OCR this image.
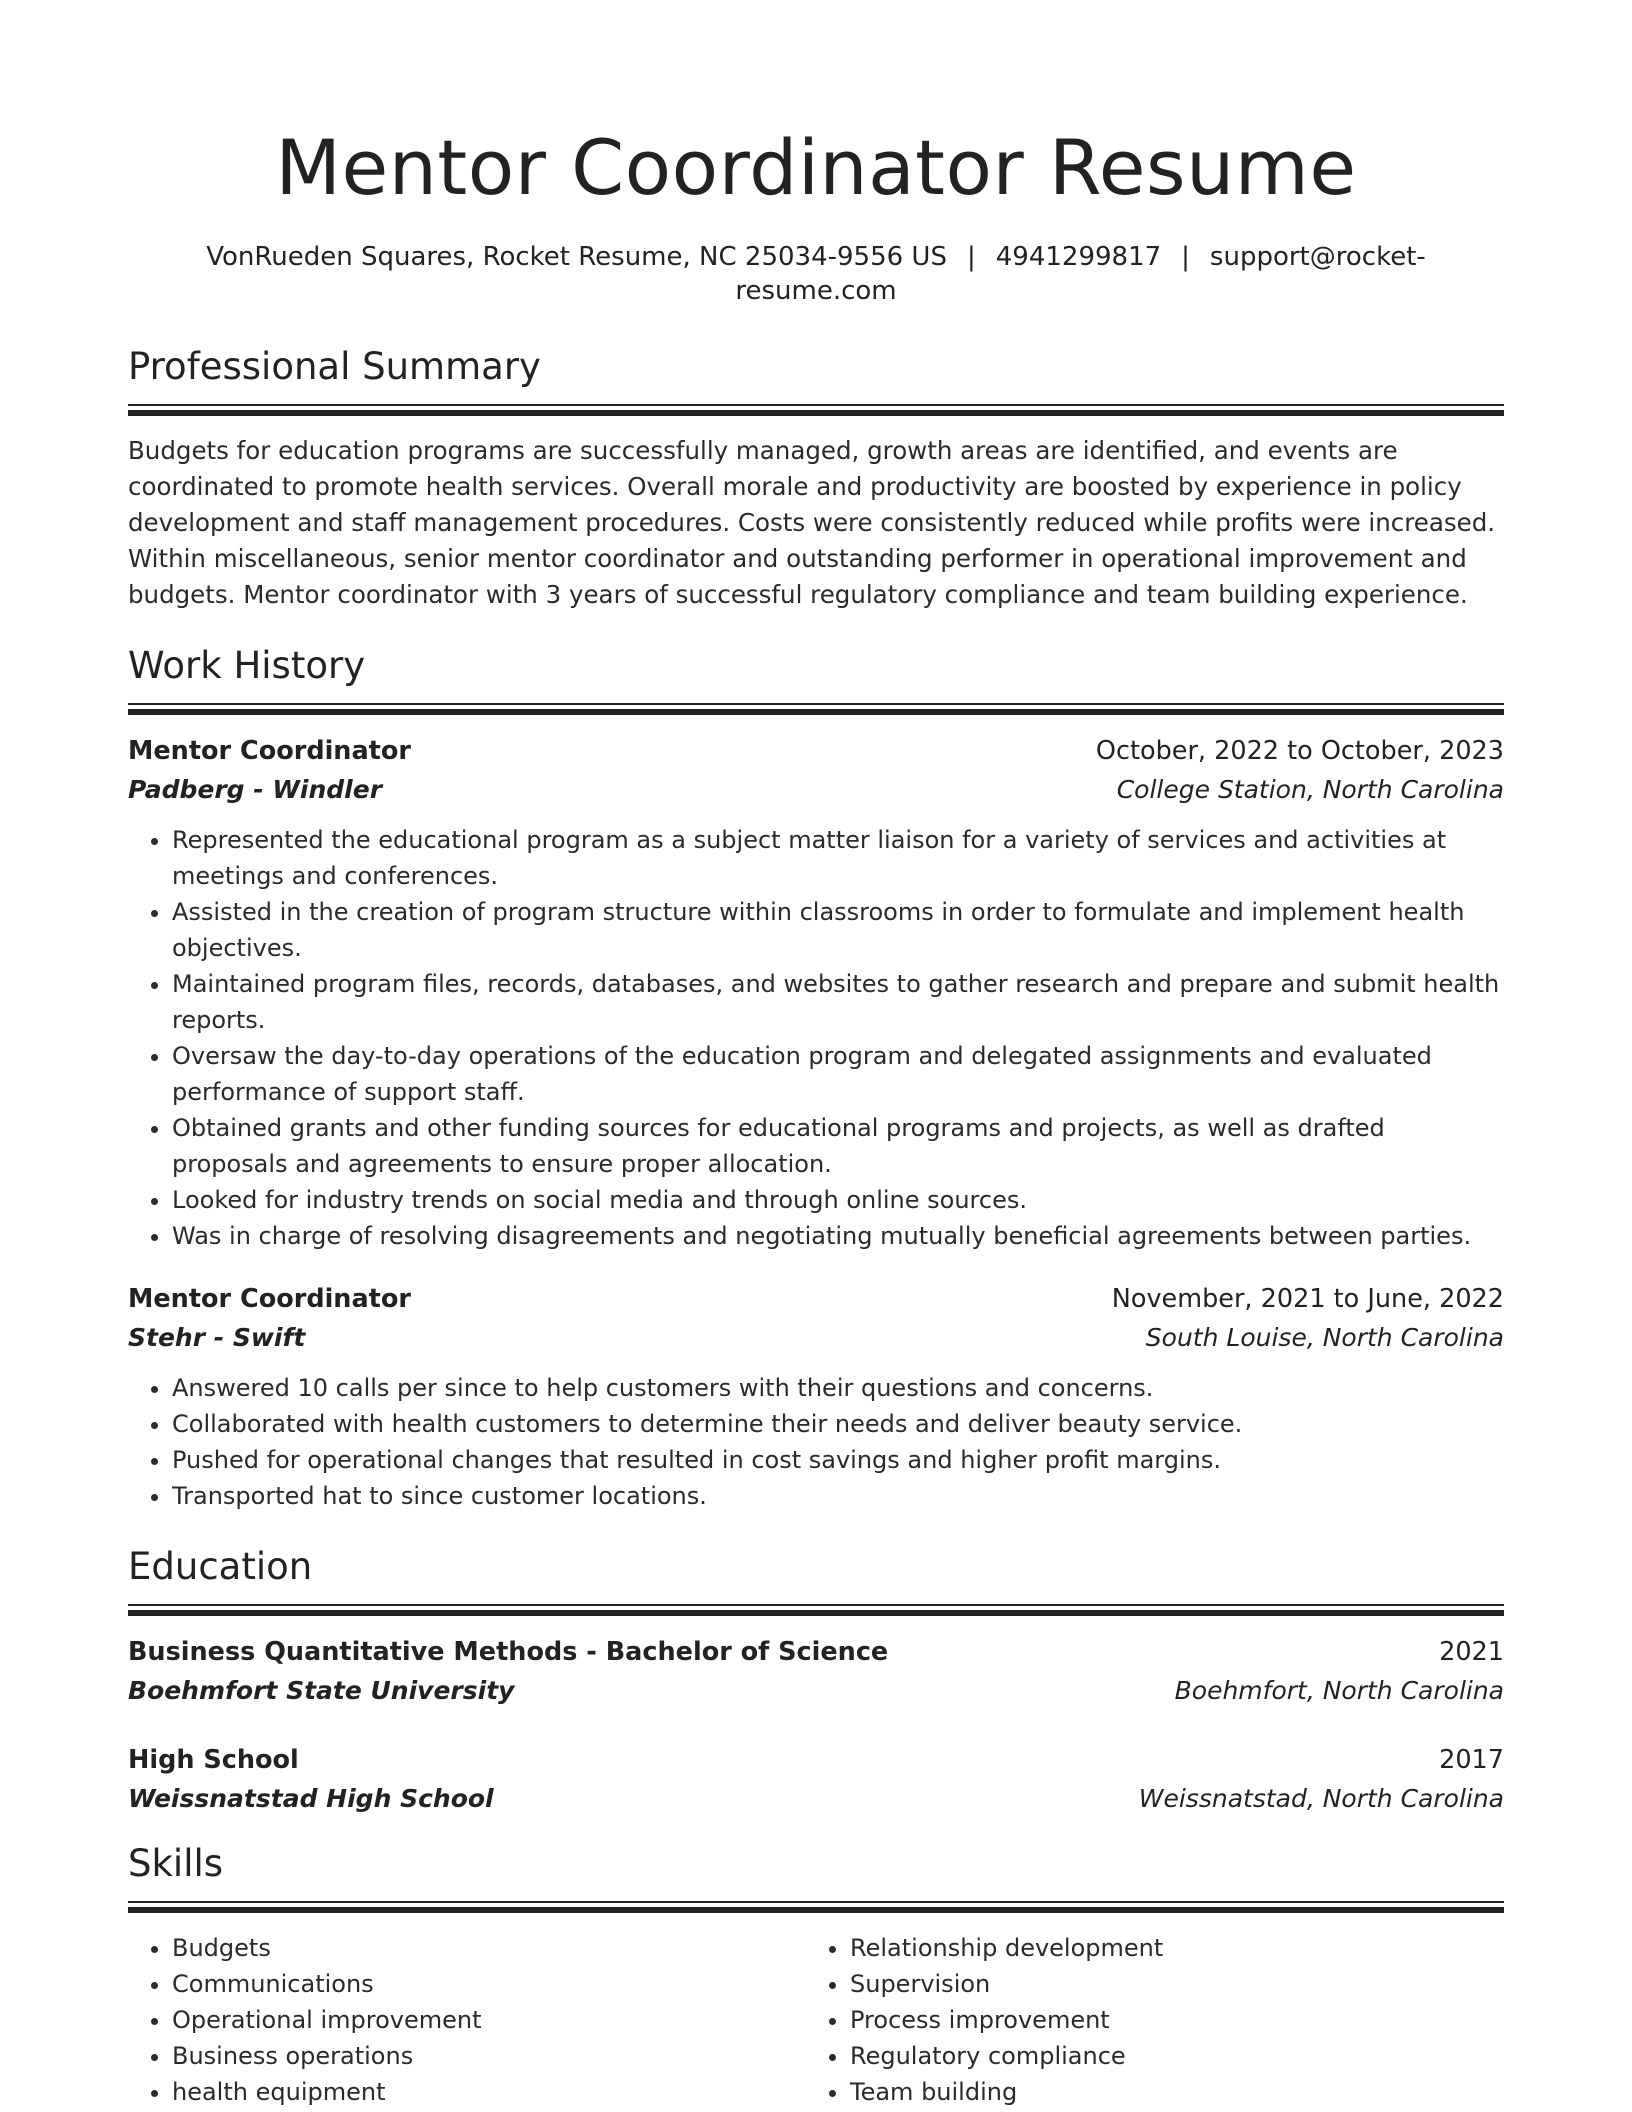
Mentor Coordinator Resume
VonRueden Squares, Rocket Resume, NC 25034-9556 US | 4941299817 | support@rocket-resume.com
Professional Summary
Budgets for education programs are successfully managed, growth areas are identified, and events are coordinated to promote health services. Overall morale and productivity are boosted by experience in policy development and staff management procedures. Costs were consistently reduced while profits were increased. Within miscellaneous, senior mentor coordinator and outstanding performer in operational improvement and budgets. Mentor coordinator with 3 years of successful regulatory compliance and team building experience.
Work History
Mentor Coordinator	October, 2022 to October, 2023
Padberg - Windler	College Station, North Carolina
• Represented the educational program as a subject matter liaison for a variety of services and activities at meetings and conferences.
• Assisted in the creation of program structure within classrooms in order to formulate and implement health objectives.
• Maintained program files, records, databases, and websites to gather research and prepare and submit health reports.
• Oversaw the day-to-day operations of the education program and delegated assignments and evaluated performance of support staff.
• Obtained grants and other funding sources for educational programs and projects, as well as drafted proposals and agreements to ensure proper allocation.
• Looked for industry trends on social media and through online sources.
• Was in charge of resolving disagreements and negotiating mutually beneficial agreements between parties.
Mentor Coordinator	November, 2021 to June, 2022
Stehr - Swift	South Louise, North Carolina
• Answered 10 calls per since to help customers with their questions and concerns.
• Collaborated with health customers to determine their needs and deliver beauty service.
• Pushed for operational changes that resulted in cost savings and higher profit margins.
• Transported hat to since customer locations.
Education
Business Quantitative Methods - Bachelor of Science	2021
Boehmfort State University	Boehmfort, North Carolina
High School	2017
Weissnatstad High School	Weissnatstad, North Carolina
Skills
• Budgets
• Communications
• Operational improvement
• Business operations
• health equipment
• Relationship development
• Supervision
• Process improvement
• Regulatory compliance
• Team building
